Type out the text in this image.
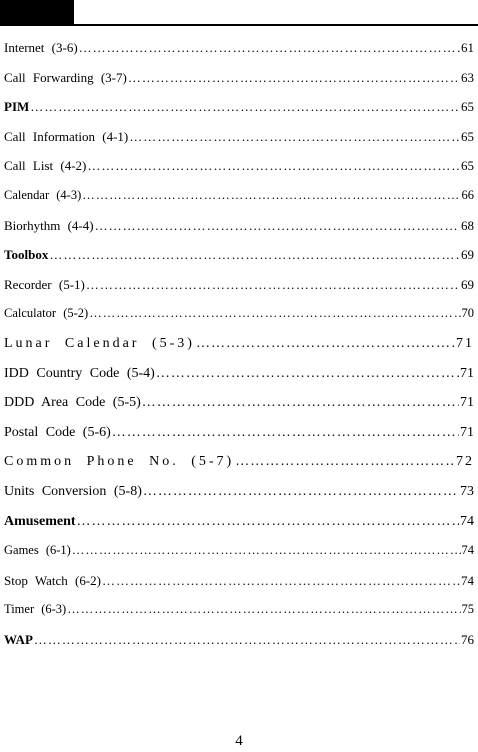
Internet (3-6) ……………………………………………………………………………………………………………………………………………………………………………………	61
Call Forwarding (3-7) ……………………………………………………………………………………………………………………………………………………………………………………	63
PIM ……………………………………………………………………………………………………………………………………………………………………………………	65
Call Information (4-1) ……………………………………………………………………………………………………………………………………………………………………………………	65
Call List (4-2) ……………………………………………………………………………………………………………………………………………………………………………………	65
Calendar (4-3) ……………………………………………………………………………………………………………………………………………………………………………………	66
Biorhythm (4-4) ……………………………………………………………………………………………………………………………………………………………………………………	68
Toolbox ……………………………………………………………………………………………………………………………………………………………………………………	69
Recorder (5-1) ……………………………………………………………………………………………………………………………………………………………………………………	69
Calculator (5-2) ……………………………………………………………………………………………………………………………………………………………………………………	70
Lunar Calendar (5-3) ……………………………………………………………………………………………………………………………………………………………………………………	71
IDD Country Code (5-4) ……………………………………………………………………………………………………………………………………………………………………………………	71
DDD Area Code (5-5) ……………………………………………………………………………………………………………………………………………………………………………………	71
Postal Code (5-6) ……………………………………………………………………………………………………………………………………………………………………………………	71
Common Phone No. (5-7) ……………………………………………………………………………………………………………………………………………………………………………………	72
Units Conversion (5-8) ……………………………………………………………………………………………………………………………………………………………………………………	73
Amusement ……………………………………………………………………………………………………………………………………………………………………………………	74
Games (6-1) ……………………………………………………………………………………………………………………………………………………………………………………	74
Stop Watch (6-2) ……………………………………………………………………………………………………………………………………………………………………………………	74
Timer (6-3) ……………………………………………………………………………………………………………………………………………………………………………………	75
WAP ……………………………………………………………………………………………………………………………………………………………………………………	76
4
